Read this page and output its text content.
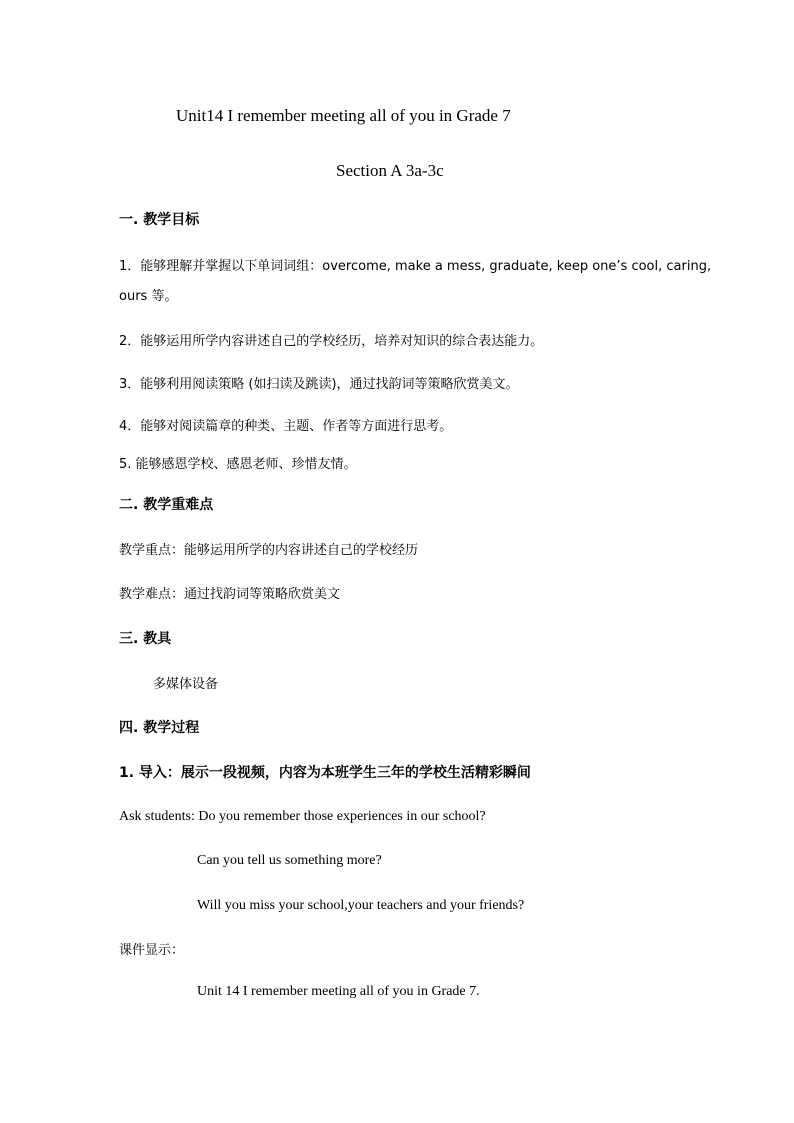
Unit14 I remember meeting all of you in Grade 7
Section A 3a-3c
一. 教学目标
1．能够理解并掌握以下单词词组：overcome, make a mess, graduate, keep one’s cool, caring,
ours 等。
2．能够运用所学内容讲述自己的学校经历，培养对知识的综合表达能力。
3．能够利用阅读策略 (如扫读及跳读)，通过找韵词等策略欣赏美文。
4．能够对阅读篇章的种类、主题、作者等方面进行思考。
5. 能够感恩学校、感恩老师、珍惜友情。
二. 教学重难点
教学重点：能够运用所学的内容讲述自己的学校经历
教学难点：通过找韵词等策略欣赏美文
三. 教具
多媒体设备
四. 教学过程
1. 导入：展示一段视频，内容为本班学生三年的学校生活精彩瞬间
Ask students: Do you remember those experiences in our school?
Can you tell us something more?
Will you miss your school,your teachers and your friends?
课件显示：
Unit 14 I remember meeting all of you in Grade 7.
